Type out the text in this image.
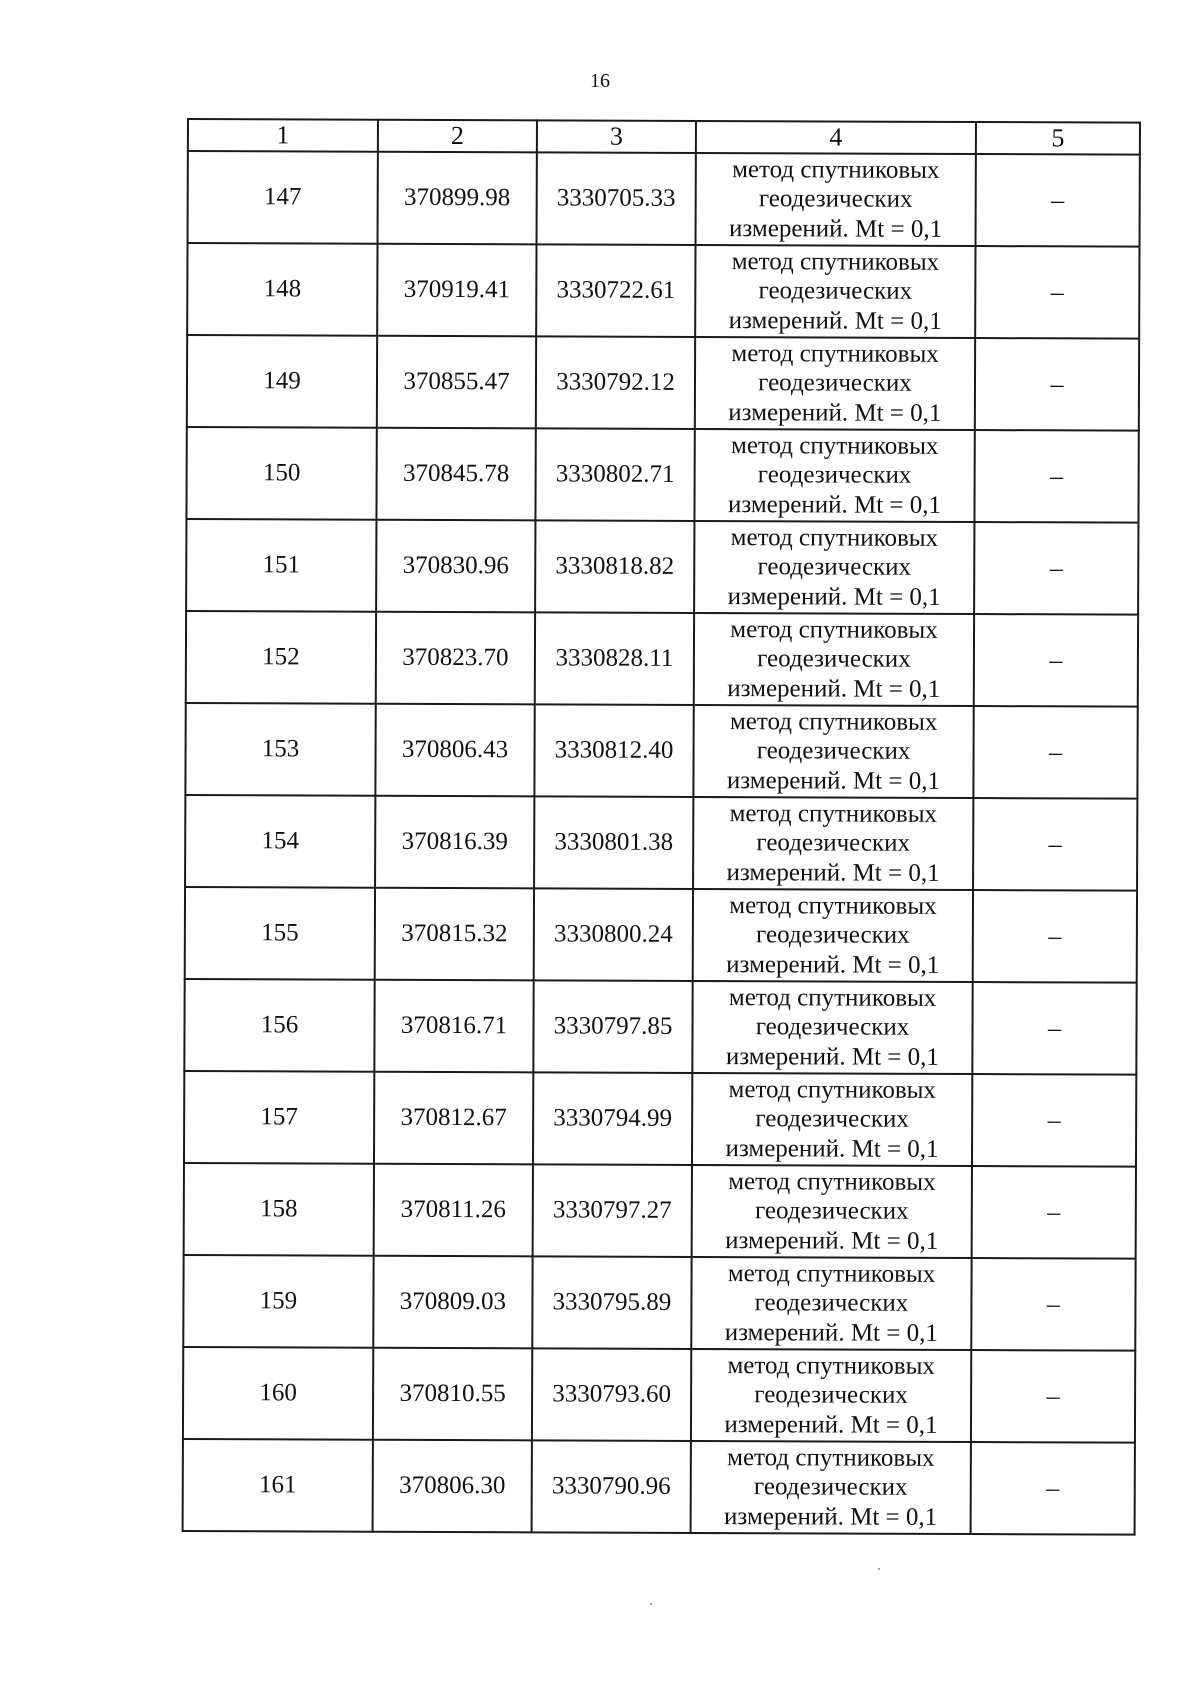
16
1	2	3	4	5
147	370899.98	3330705.33	метод спутниковых
геодезических
измерений. Mt = 0,1	–
148	370919.41	3330722.61	метод спутниковых
геодезических
измерений. Mt = 0,1	–
149	370855.47	3330792.12	метод спутниковых
геодезических
измерений. Mt = 0,1	–
150	370845.78	3330802.71	метод спутниковых
геодезических
измерений. Mt = 0,1	–
151	370830.96	3330818.82	метод спутниковых
геодезических
измерений. Mt = 0,1	–
152	370823.70	3330828.11	метод спутниковых
геодезических
измерений. Mt = 0,1	–
153	370806.43	3330812.40	метод спутниковых
геодезических
измерений. Mt = 0,1	–
154	370816.39	3330801.38	метод спутниковых
геодезических
измерений. Mt = 0,1	–
155	370815.32	3330800.24	метод спутниковых
геодезических
измерений. Mt = 0,1	–
156	370816.71	3330797.85	метод спутниковых
геодезических
измерений. Mt = 0,1	–
157	370812.67	3330794.99	метод спутниковых
геодезических
измерений. Mt = 0,1	–
158	370811.26	3330797.27	метод спутниковых
геодезических
измерений. Mt = 0,1	–
159	370809.03	3330795.89	метод спутниковых
геодезических
измерений. Mt = 0,1	–
160	370810.55	3330793.60	метод спутниковых
геодезических
измерений. Mt = 0,1	–
161	370806.30	3330790.96	метод спутниковых
геодезических
измерений. Mt = 0,1	–
